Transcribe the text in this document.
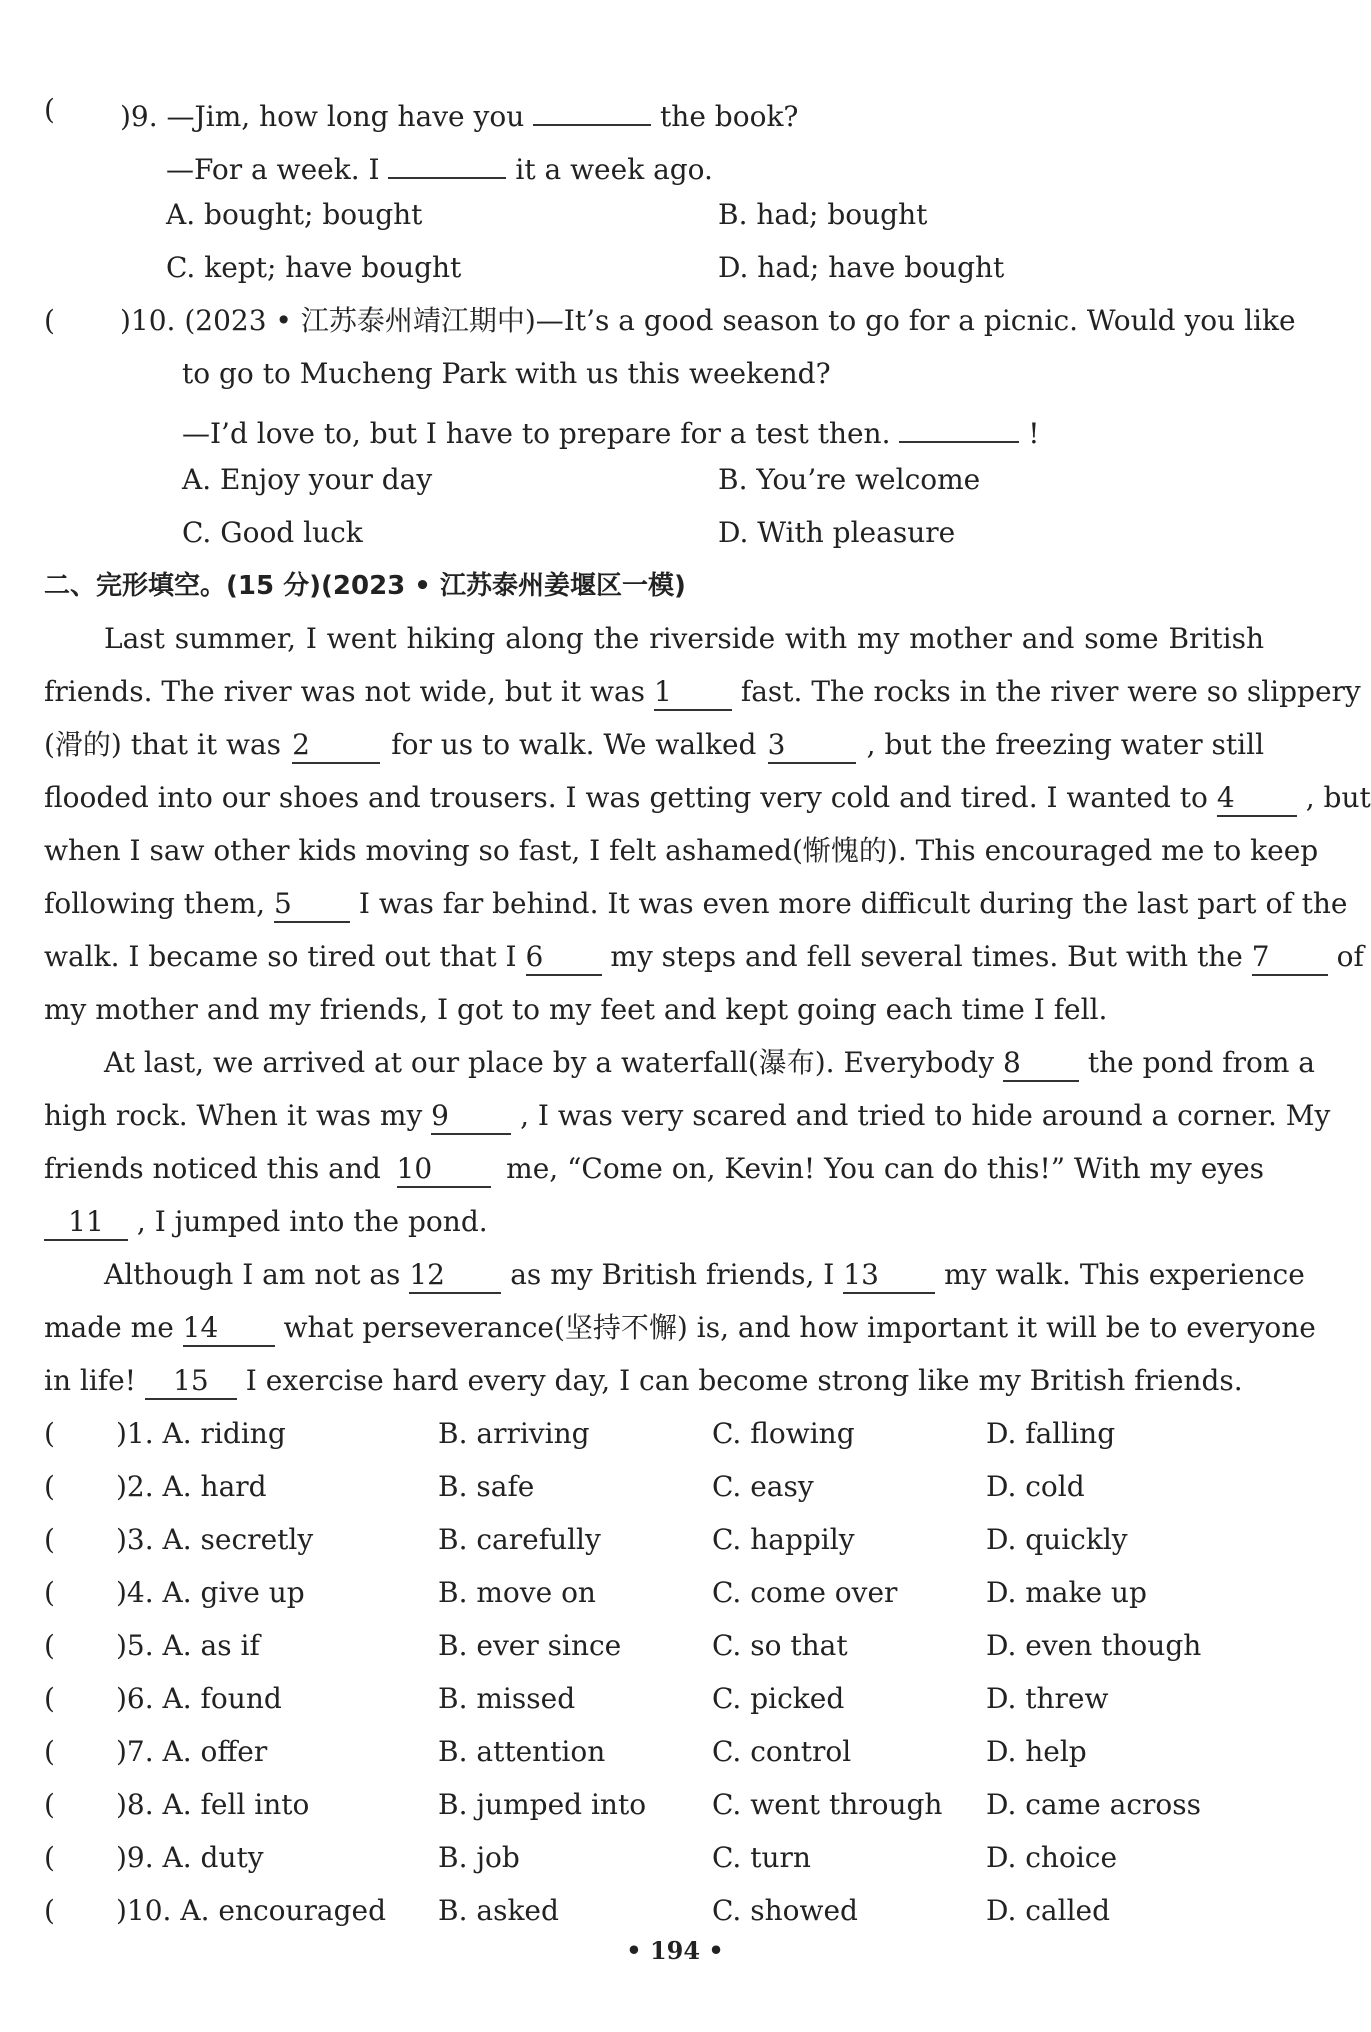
( )9. —Jim, how long have you	the book?
—For a week. I	it a week ago.
A. bought; bought	B. had; bought
C. kept; have bought	D. had; have bought
( )10. (2023 • 江苏泰州靖江期中)—It’s a good season to go for a picnic. Would you like
to go to Mucheng Park with us this weekend?
—I’d love to, but I have to prepare for a test then.	!
A. Enjoy your day	B. You’re welcome
C. Good luck	D. With pleasure
二、完形填空。(15 分)(2023 • 江苏泰州姜堰区一模)
Last summer, I went hiking along the riverside with my mother and some British
friends. The river was not wide, but it was 1 fast. The rocks in the river were so slippery
(滑的) that it was 2	for us to walk. We walked 3	, but the freezing water still
flooded into our shoes and trousers. I was getting very cold and tired. I wanted to 4	, but
when I saw other kids moving so fast, I felt ashamed(惭愧的). This encouraged me to keep
following them, 5 I was far behind. It was even more difficult during the last part of the
walk. I became so tired out that I 6 my steps and fell several times. But with the 7 of
my mother and my friends, I got to my feet and kept going each time I fell.
At last, we arrived at our place by a waterfall(瀑布). Everybody 8 the pond from a
high rock. When it was my 9	, I was very scared and tried to hide around a corner. My
friends noticed this and 10	me, “Come on, Kevin! You can do this!” With my eyes
11 , I jumped into the pond.
Although I am not as 12 as my British friends, I 13 my walk. This experience
made me 14 what perseverance(坚持不懈) is, and how important it will be to everyone
in life! 15 I exercise hard every day, I can become strong like my British friends.
( )1. A. riding	B. arriving	C. flowing	D. falling
( )2. A. hard	B. safe	C. easy	D. cold
( )3. A. secretly	B. carefully	C. happily	D. quickly
( )4. A. give up	B. move on	C. come over	D. make up
( )5. A. as if	B. ever since	C. so that	D. even though
( )6. A. found	B. missed	C. picked	D. threw
( )7. A. offer	B. attention	C. control	D. help
( )8. A. fell into	B. jumped into C. went through D. came across
( )9. A. duty	B. job	C. turn	D. choice
( )10. A. encouraged B. asked	C. showed	D. called
• 194 •
